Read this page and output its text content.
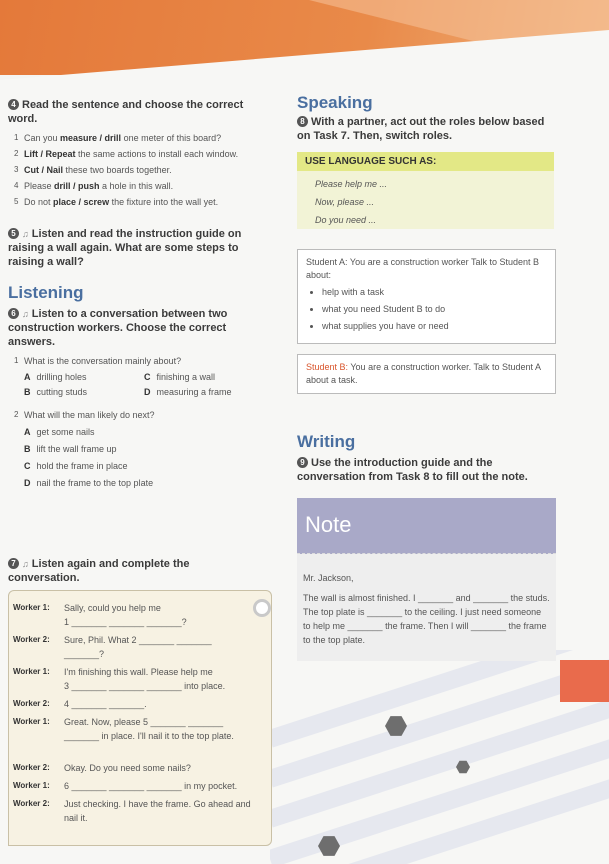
4 Read the sentence and choose the correct word.
1 Can you measure / drill one meter of this board?
2 Lift / Repeat the same actions to install each window.
3 Cut / Nail these two boards together.
4 Please drill / push a hole in this wall.
5 Do not place / screw the fixture into the wall yet.
5 ♫ Listen and read the instruction guide on raising a wall again. What are some steps to raising a wall?
Listening
6 ♫ Listen to a conversation between two construction workers. Choose the correct answers.
1 What is the conversation mainly about?
A drilling holes	C finishing a wall
B cutting studs	D measuring a frame
2 What will the man likely do next?
A get some nails
B lift the wall frame up
C hold the frame in place
D nail the frame to the top plate
7 ♫ Listen again and complete the conversation.
Worker 1:	Sally, could you help me
1 _______ _______ _______?
Worker 2:	Sure, Phil. What 2 _______ _______
_______?
Worker 1:	I'm finishing this wall. Please help me
3 _______ _______ _______ into place.
Worker 2:	4 _______ _______.
Worker 1:	Great. Now, please 5 _______ _______
_______ in place. I'll nail it to the top plate.
Worker 2:	Okay. Do you need some nails?
Worker 1:	6 _______ _______ _______ in my pocket.
Worker 2:	Just checking. I have the frame. Go ahead and nail it.
Speaking
8 With a partner, act out the roles below based on Task 7. Then, switch roles.
USE LANGUAGE SUCH AS:
Please help me ...
Now, please ...
Do you need ...
Student A: You are a construction worker Talk to Student B about:
• help with a task
• what you need Student B to do
• what supplies you have or need
Student B: You are a construction worker. Talk to Student A about a task.
Writing
9 Use the introduction guide and the conversation from Task 8 to fill out the note.
Note
Mr. Jackson,
The wall is almost finished. I _______ and _______ the studs. The top plate is _______ to the ceiling. I just need someone to help me _______ the frame. Then I will _______ the frame to the top plate.
